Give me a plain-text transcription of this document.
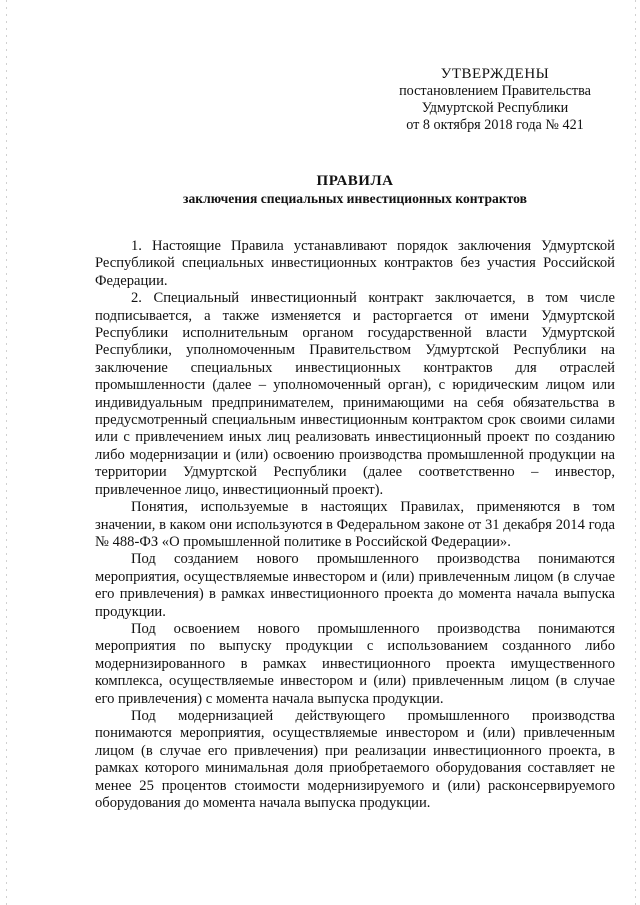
УТВЕРЖДЕНЫ
постановлением Правительства
Удмуртской Республики
от 8 октября 2018 года № 421
ПРАВИЛА
заключения специальных инвестиционных контрактов

1. Настоящие Правила устанавливают порядок заключения Удмуртской Республикой специальных инвестиционных контрактов без участия Российской Федерации.

2. Специальный инвестиционный контракт заключается, в том числе подписывается, а также изменяется и расторгается от имени Удмуртской Республики исполнительным органом государственной власти Удмуртской Республики, уполномоченным Правительством Удмуртской Республики на заключение специальных инвестиционных контрактов для отраслей промышленности (далее – уполномоченный орган), с юридическим лицом или индивидуальным предпринимателем, принимающими на себя обязательства в предусмотренный специальным инвестиционным контрактом срок своими силами или с привлечением иных лиц реализовать инвестиционный проект по созданию либо модернизации и (или) освоению производства промышленной продукции на территории Удмуртской Республики (далее соответственно – инвестор, привлеченное лицо, инвестиционный проект).

Понятия, используемые в настоящих Правилах, применяются в том значении, в каком они используются в Федеральном законе от 31 декабря 2014 года № 488-ФЗ «О промышленной политике в Российской Федерации».

Под созданием нового промышленного производства понимаются мероприятия, осуществляемые инвестором и (или) привлеченным лицом (в случае его привлечения) в рамках инвестиционного проекта до момента начала выпуска продукции.

Под освоением нового промышленного производства понимаются мероприятия по выпуску продукции с использованием созданного либо модернизированного в рамках инвестиционного проекта имущественного комплекса, осуществляемые инвестором и (или) привлеченным лицом (в случае его привлечения) с момента начала выпуска продукции.

Под модернизацией действующего промышленного производства понимаются мероприятия, осуществляемые инвестором и (или) привлеченным лицом (в случае его привлечения) при реализации инвестиционного проекта, в рамках которого минимальная доля приобретаемого оборудования составляет не менее 25 процентов стоимости модернизируемого и (или) расконсервируемого оборудования до момента начала выпуска продукции.
